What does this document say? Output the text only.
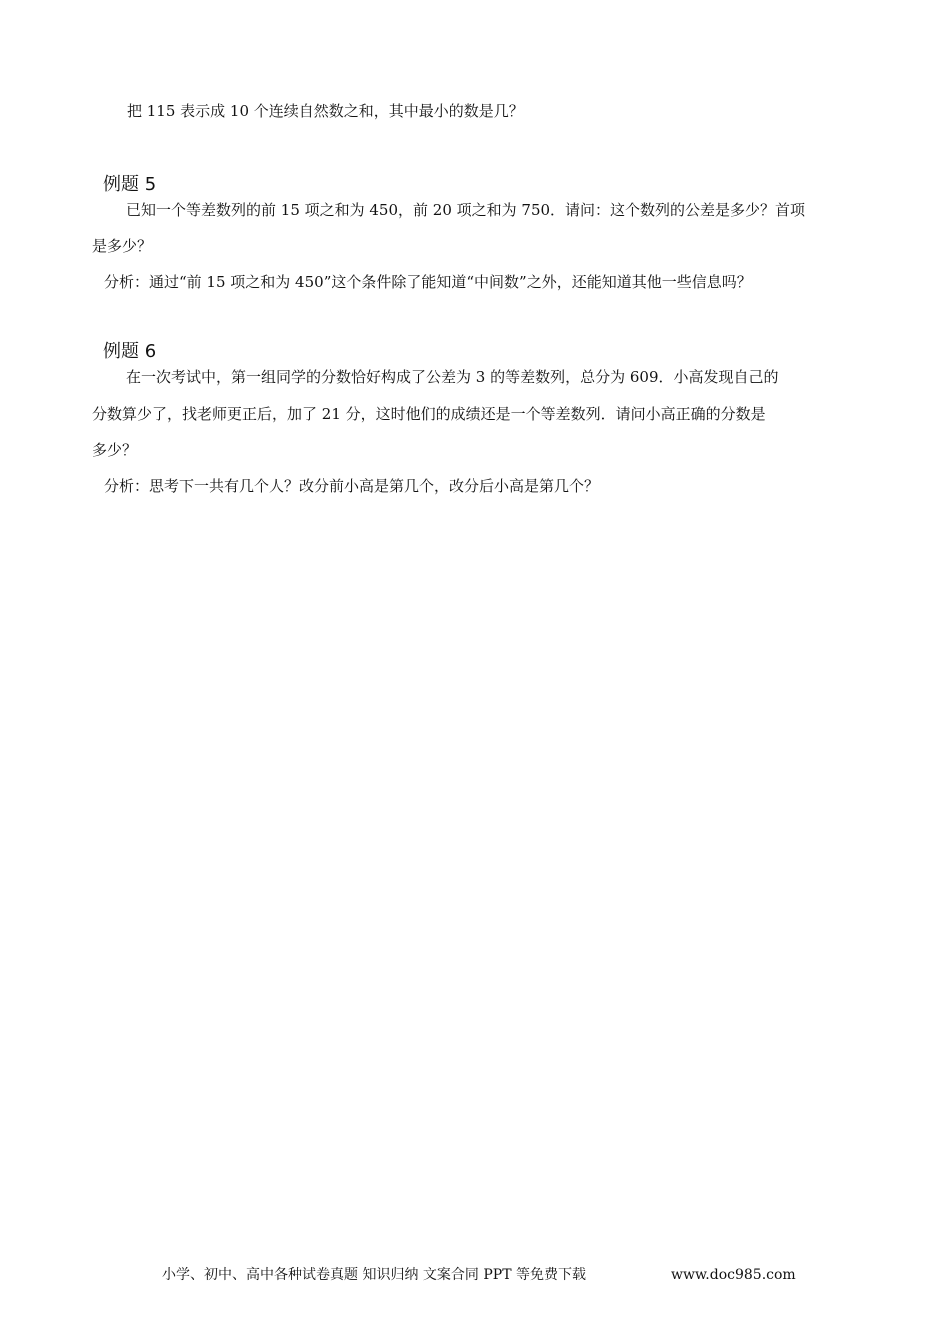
把 115 表示成 10 个连续自然数之和，其中最小的数是几？
例题 5
已知一个等差数列的前 15 项之和为 450，前 20 项之和为 750．请问：这个数列的公差是多少？首项
是多少？
分析：通过“前 15 项之和为 450”这个条件除了能知道“中间数”之外，还能知道其他一些信息吗？
例题 6
在一次考试中，第一组同学的分数恰好构成了公差为 3 的等差数列，总分为 609．小高发现自己的
分数算少了，找老师更正后，加了 21 分，这时他们的成绩还是一个等差数列．请问小高正确的分数是
多少？
分析：思考下一共有几个人？改分前小高是第几个，改分后小高是第几个？
小学、初中、高中各种试卷真题 知识归纳 文案合同 PPT 等免费下载	www.doc985.com
